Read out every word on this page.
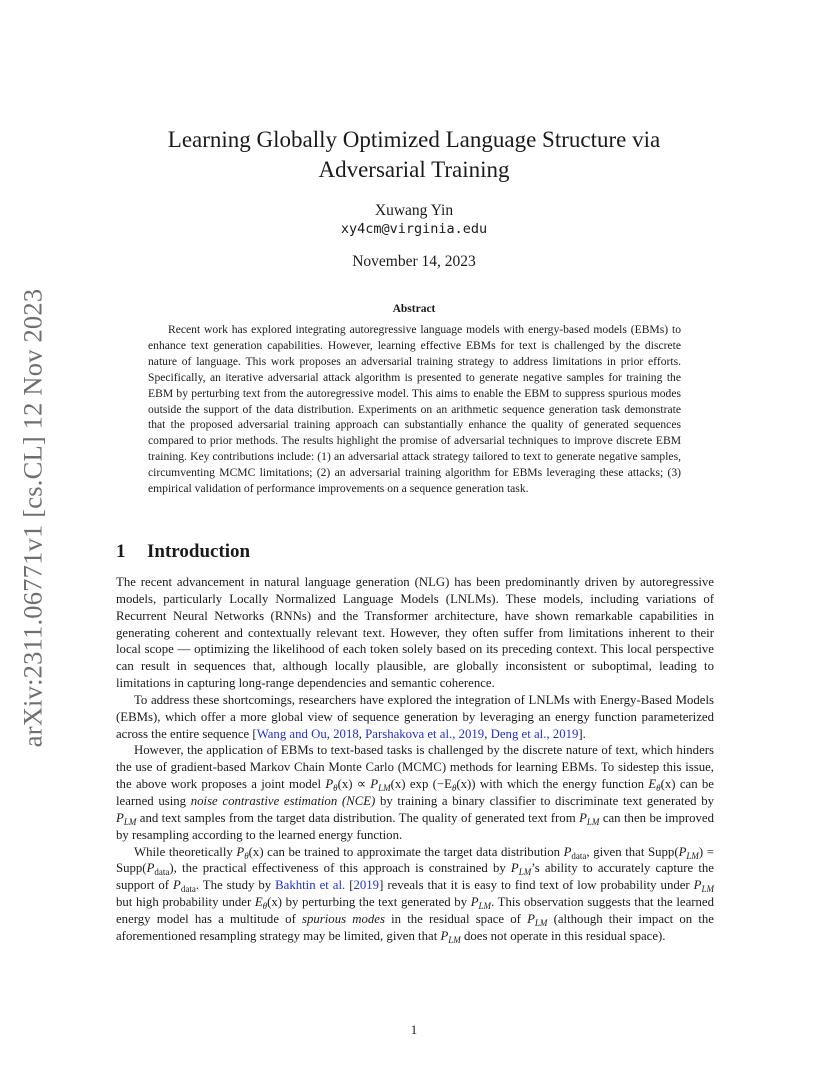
arXiv:2311.06771v1 [cs.CL] 12 Nov 2023
Learning Globally Optimized Language Structure via
Adversarial Training
Xuwang Yin
xy4cm@virginia.edu
November 14, 2023
Abstract
Recent work has explored integrating autoregressive language models with energy-based models (EBMs) to enhance text generation capabilities. However, learning effective EBMs for text is challenged by the discrete nature of language. This work proposes an adversarial training strategy to address limitations in prior efforts. Specifically, an iterative adversarial attack algorithm is presented to generate negative samples for training the EBM by perturbing text from the autoregressive model. This aims to enable the EBM to suppress spurious modes outside the support of the data distribution. Experiments on an arithmetic sequence generation task demonstrate that the proposed adversarial training approach can substantially enhance the quality of generated sequences compared to prior methods. The results highlight the promise of adversarial techniques to improve discrete EBM training. Key contributions include: (1) an adversarial attack strategy tailored to text to generate negative samples, circumventing MCMC limitations; (2) an adversarial training algorithm for EBMs leveraging these attacks; (3) empirical validation of performance improvements on a sequence generation task.
1 Introduction

The recent advancement in natural language generation (NLG) has been predominantly driven by autoregressive models, particularly Locally Normalized Language Models (LNLMs). These models, including variations of Recurrent Neural Networks (RNNs) and the Transformer architecture, have shown remarkable capabilities in generating coherent and contextually relevant text. However, they often suffer from limitations inherent to their local scope — optimizing the likelihood of each token solely based on its preceding context. This local perspective can result in sequences that, although locally plausible, are globally inconsistent or suboptimal, leading to limitations in capturing long-range dependencies and semantic coherence.

To address these shortcomings, researchers have explored the integration of LNLMs with Energy-Based Models (EBMs), which offer a more global view of sequence generation by leveraging an energy function parameterized across the entire sequence [Wang and Ou, 2018, Parshakova et al., 2019, Deng et al., 2019].

However, the application of EBMs to text-based tasks is challenged by the discrete nature of text, which hinders the use of gradient-based Markov Chain Monte Carlo (MCMC) methods for learning EBMs. To sidestep this issue, the above work proposes a joint model $P_\theta(x) \propto P_{LM}(x)$ $\exp (-E_\theta(x))$ with which the energy function $E_\theta(x)$ can be learned using noise contrastive estimation (NCE) by training a binary classifier to discriminate text generated by $P_{LM}$ and text samples from the target data distribution. The quality of generated text from $P_{LM}$ can then be improved by resampling according to the learned energy function.

While theoretically $P_\theta(x)$ can be trained to approximate the target data distribution $P_{data}$, given that $Supp(P_{LM})$ = $Supp(P_{data})$, the practical effectiveness of this approach is constrained by $P_{LM}’s$ ability to accurately capture the support of $P_{data}$. The study by Bakhtin et al. [2019] reveals that it is easy to find text of low probability under $P_{LM}$ but high probability under $E_\theta(x)$ by perturbing the text generated by $P_{LM}$. This observation suggests that the learned energy model has a multitude of spurious modes in the residual space of $P_{LM}$ (although their impact on the aforementioned resampling strategy may be limited, given that $P_{LM}$ does not operate in this residual space).

1
